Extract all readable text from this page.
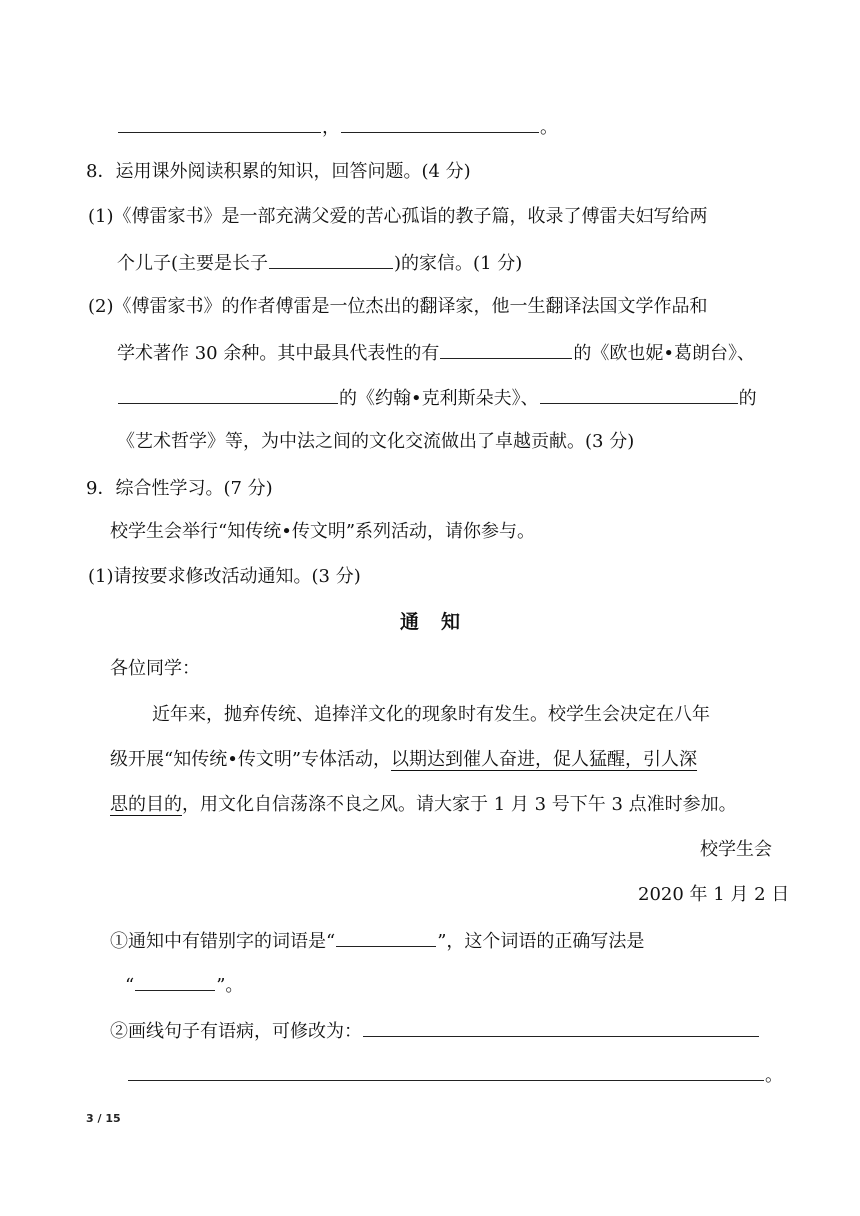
，	。
8．运用课外阅读积累的知识，回答问题。(4 分)
(1)《傅雷家书》是一部充满父爱的苦心孤诣的教子篇，收录了傅雷夫妇写给两
个儿子(主要是长子	)的家信。(1 分)
(2)《傅雷家书》的作者傅雷是一位杰出的翻译家，他一生翻译法国文学作品和
学术著作 30 余种。其中最具代表性的有	的《欧也妮•葛朗台》、
的《约翰•克利斯朵夫》、	的
《艺术哲学》等，为中法之间的文化交流做出了卓越贡献。(3 分)
9．综合性学习。(7 分)
校学生会举行“知传统•传文明”系列活动，请你参与。
(1)请按要求修改活动通知。(3 分)
通知
各位同学：
近年来，抛弃传统、追捧洋文化的现象时有发生。校学生会决定在八年
级开展“知传统•传文明”专体活动，以期达到催人奋进，促人猛醒，引人深
思的目的，用文化自信荡涤不良之风。请大家于 1 月 3 号下午 3 点准时参加。
校学生会
2020 年 1 月 2 日
①通知中有错别字的词语是“	”，这个词语的正确写法是
“	”。
②画线句子有语病，可修改为：
。
3 / 15
